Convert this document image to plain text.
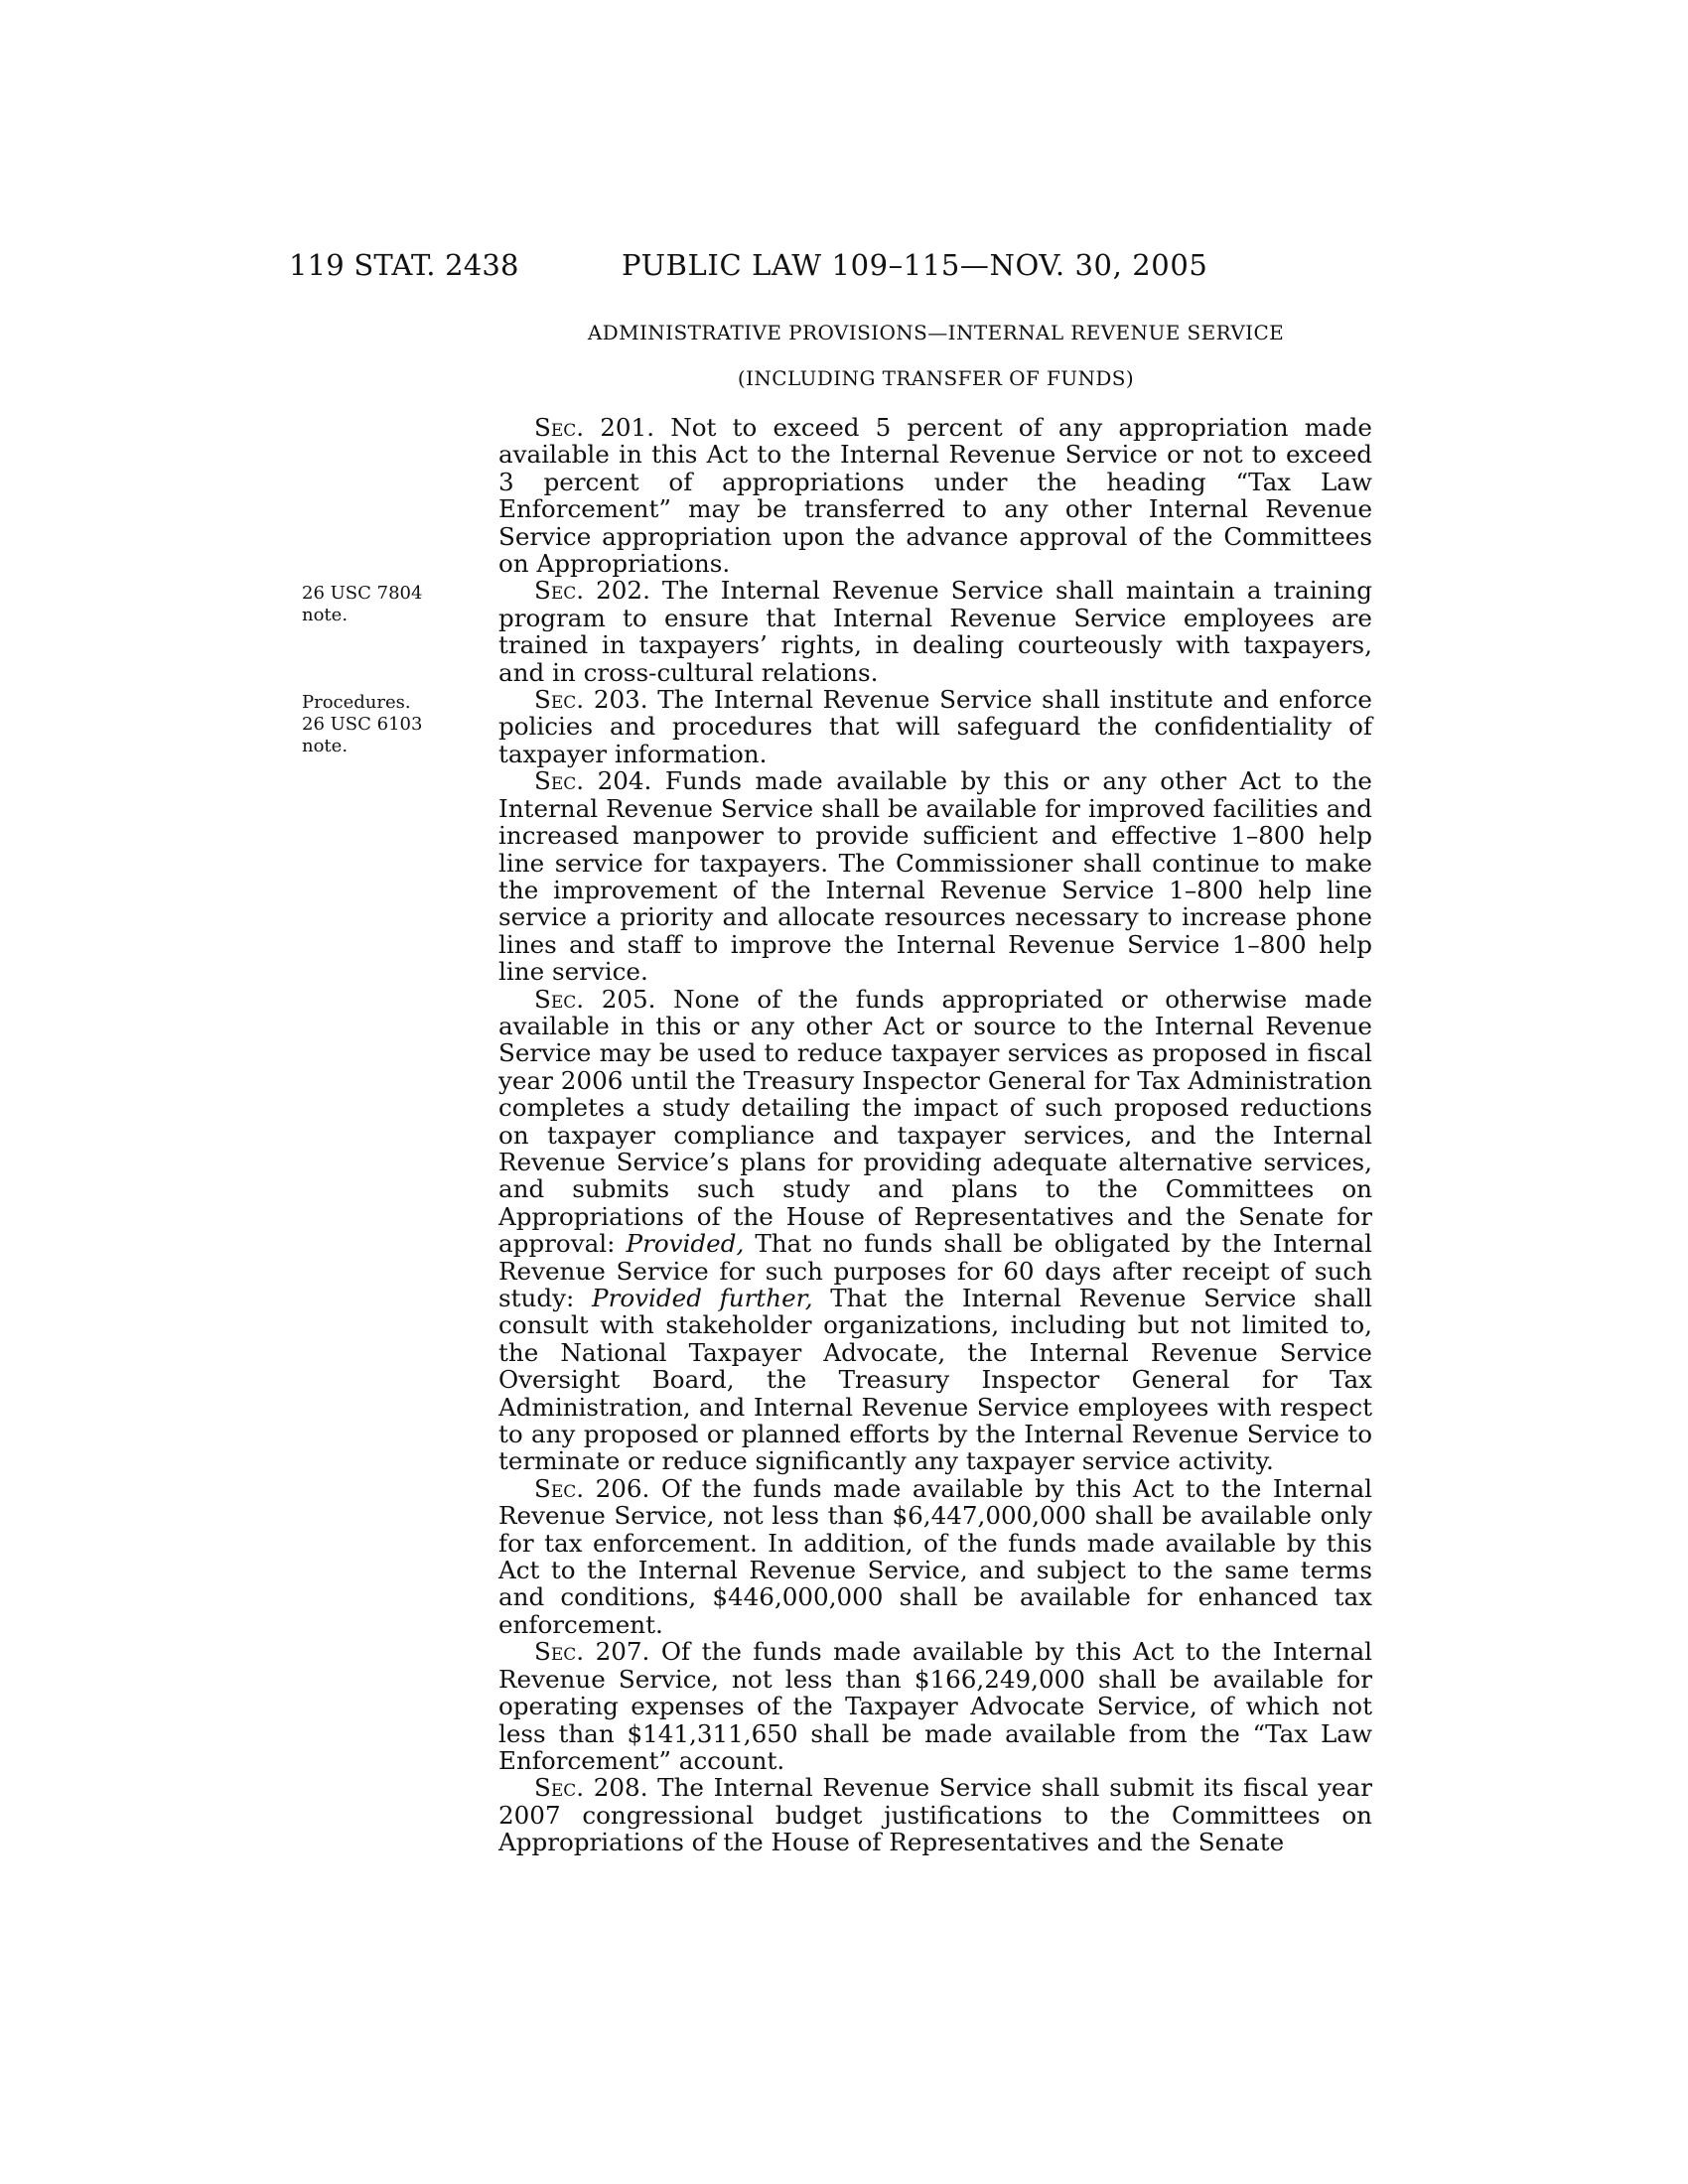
119 STAT. 2438	PUBLIC LAW 109–115—NOV. 30, 2005
ADMINISTRATIVE PROVISIONS—INTERNAL REVENUE SERVICE
(INCLUDING TRANSFER OF FUNDS)
26 USC 7804
note.
Procedures.
26 USC 6103
note.

Sec. 201. Not to exceed 5 percent of any appropriation made available in this Act to the Internal Revenue Service or not to exceed 3 percent of appropriations under the heading “Tax Law Enforcement” may be transferred to any other Internal Revenue Service appropriation upon the advance approval of the Committees on Appropriations.

Sec. 202. The Internal Revenue Service shall maintain a training program to ensure that Internal Revenue Service employees are trained in taxpayers’ rights, in dealing courteously with taxpayers, and in cross-cultural relations.

Sec. 203. The Internal Revenue Service shall institute and enforce policies and procedures that will safeguard the confidentiality of taxpayer information.

Sec. 204. Funds made available by this or any other Act to the Internal Revenue Service shall be available for improved facilities and increased manpower to provide sufficient and effective 1–800 help line service for taxpayers. The Commissioner shall continue to make the improvement of the Internal Revenue Service 1–800 help line service a priority and allocate resources necessary to increase phone lines and staff to improve the Internal Revenue Service 1–800 help line service.

Sec. 205. None of the funds appropriated or otherwise made available in this or any other Act or source to the Internal Revenue Service may be used to reduce taxpayer services as proposed in fiscal year 2006 until the Treasury Inspector General for Tax Administration completes a study detailing the impact of such proposed reductions on taxpayer compliance and taxpayer services, and the Internal Revenue Service’s plans for providing adequate alternative services, and submits such study and plans to the Committees on Appropriations of the House of Representatives and the Senate for approval: Provided, That no funds shall be obligated by the Internal Revenue Service for such purposes for 60 days after receipt of such study: Provided further, That the Internal Revenue Service shall consult with stakeholder organizations, including but not limited to, the National Taxpayer Advocate, the Internal Revenue Service Oversight Board, the Treasury Inspector General for Tax Administration, and Internal Revenue Service employees with respect to any proposed or planned efforts by the Internal Revenue Service to terminate or reduce significantly any taxpayer service activity.

Sec. 206. Of the funds made available by this Act to the Internal Revenue Service, not less than $6,447,000,000 shall be available only for tax enforcement. In addition, of the funds made available by this Act to the Internal Revenue Service, and subject to the same terms and conditions, $446,000,000 shall be available for enhanced tax enforcement.

Sec. 207. Of the funds made available by this Act to the Internal Revenue Service, not less than $166,249,000 shall be available for operating expenses of the Taxpayer Advocate Service, of which not less than $141,311,650 shall be made available from the “Tax Law Enforcement” account.

Sec. 208. The Internal Revenue Service shall submit its fiscal year 2007 congressional budget justifications to the Committees on Appropriations of the House of Representatives and the Senate
